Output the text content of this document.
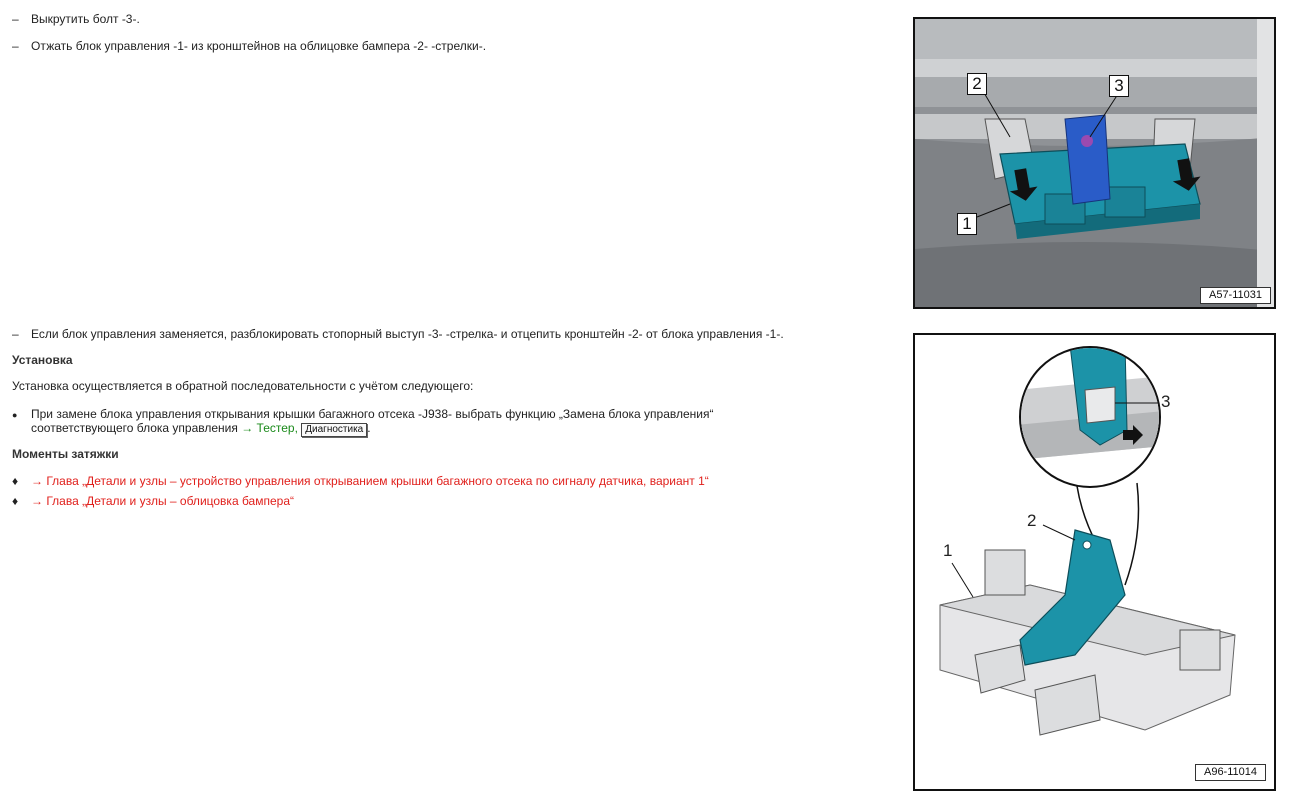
– Выкрутить болт -3-.
– Отжать блок управления -1- из кронштейнов на облицовке бампера -2- -стрелки-.
– Если блок управления заменяется, разблокировать стопорный выступ -3- -стрелка- и отцепить кронштейн -2- от блока управления -1-.
Установка
Установка осуществляется в обратной последовательности с учётом следующего:
● При замене блока управления открывания крышки багажного отсека -J938- выбрать функцию „Замена блока управления“
соответствующего блока управления → Тестер, Диагностика .
Моменты затяжки
♦ → Глава „Детали и узлы – устройство управления открыванием крышки багажного отсека по сигналу датчика, вариант 1“
♦ → Глава „Детали и узлы – облицовка бампера“
2	3
1
A57-11031
1
2
3
A96-11014
